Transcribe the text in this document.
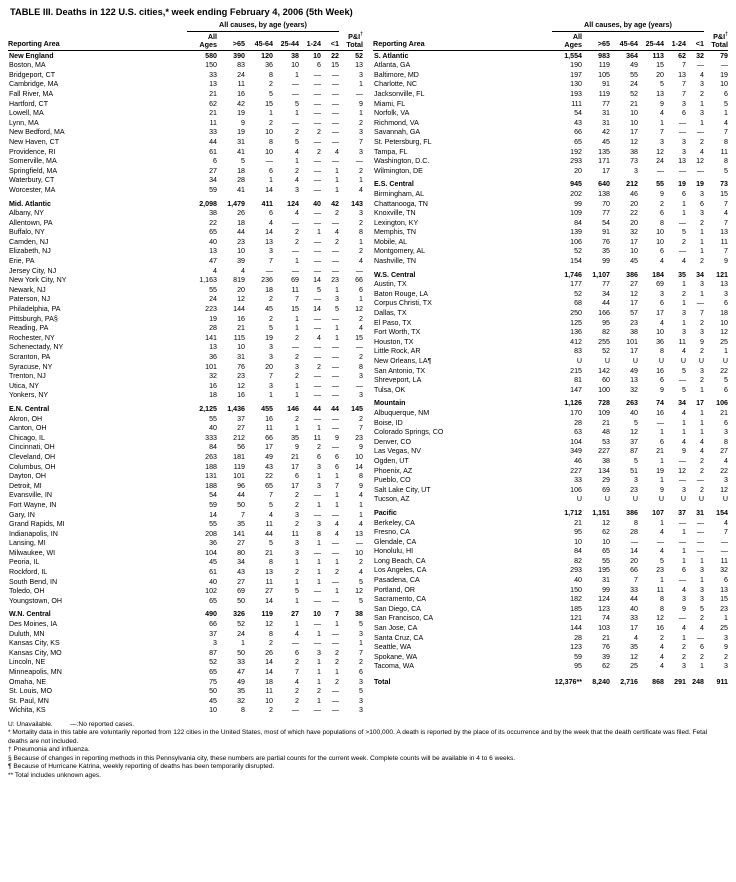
TABLE III. Deaths in 122 U.S. cities,* week ending February 4, 2006 (5th Week)
	All causes, by age (years)						
Reporting Area	All
Ages	>65	45-64	25-44	1-24	<1	P&I†
Total
New England	580	390	120	38	10	22	52
Boston, MA	150	83	36	10	6	15	13
Bridgeport, CT	33	24	8	1	—	—	3
Cambridge, MA	13	11	2	—	—	—	1
Fall River, MA	21	16	5	—	—	—	—
Hartford, CT	62	42	15	5	—	—	9
Lowell, MA	21	19	1	1	—	—	1
Lynn, MA	11	9	2	—	—	—	2
New Bedford, MA	33	19	10	2	2	—	3
New Haven, CT	44	31	8	5	—	—	7
Providence, RI	61	41	10	4	2	4	3
Somerville, MA	6	5	—	1	—	—	—
Springfield, MA	27	18	6	2	—	1	2
Waterbury, CT	34	28	1	4	—	1	1
Worcester, MA	59	41	14	3	—	1	4

Mid. Atlantic	2,098	1,479	411	124	40	42	143
Albany, NY	38	26	6	4	—	2	3
Allentown, PA	22	18	4	—	—	—	2
Buffalo, NY	65	44	14	2	1	4	8
Camden, NJ	40	23	13	2	—	2	1
Elizabeth, NJ	13	10	3	—	—	—	2
Erie, PA	47	39	7	1	—	—	4
Jersey City, NJ	4	4	—	—	—	—	—
New York City, NY	1,163	819	236	69	14	23	66
Newark, NJ	55	20	18	11	5	1	6
Paterson, NJ	24	12	2	7	—	3	1
Philadelphia, PA	223	144	45	15	14	5	12
Pittsburgh, PA§	19	16	2	1	—	—	2
Reading, PA	28	21	5	1	—	1	4
Rochester, NY	141	115	19	2	4	1	15
Schenectady, NY	13	10	3	—	—	—	—
Scranton, PA	36	31	3	2	—	—	2
Syracuse, NY	101	76	20	3	2	—	8
Trenton, NJ	32	23	7	2	—	—	3
Utica, NY	16	12	3	1	—	—	—
Yonkers, NY	18	16	1	1	—	—	3

E.N. Central	2,125	1,436	455	146	44	44	145
Akron, OH	55	37	16	2	—	—	2
Canton, OH	40	27	11	1	1	—	7
Chicago, IL	333	212	66	35	11	9	23
Cincinnati, OH	84	56	17	9	2	—	9
Cleveland, OH	263	181	49	21	6	6	10
Columbus, OH	188	119	43	17	3	6	14
Dayton, OH	131	101	22	6	1	1	8
Detroit, MI	188	96	65	17	3	7	9
Evansville, IN	54	44	7	2	—	1	4
Fort Wayne, IN	59	50	5	2	1	1	1
Gary, IN	14	7	4	3	—	—	1
Grand Rapids, MI	55	35	11	2	3	4	4
Indianapolis, IN	208	141	44	11	8	4	13
Lansing, MI	36	27	5	3	1	—	—
Milwaukee, WI	104	80	21	3	—	—	10
Peoria, IL	45	34	8	1	1	1	2
Rockford, IL	61	43	13	2	1	2	4
South Bend, IN	40	27	11	1	1	—	5
Toledo, OH	102	69	27	5	—	1	12
Youngstown, OH	65	50	14	1	—	—	5

W.N. Central	490	326	119	27	10	7	38
Des Moines, IA	66	52	12	1	—	1	5
Duluth, MN	37	24	8	4	1	—	3
Kansas City, KS	3	1	2	—	—	—	1
Kansas City, MO	87	50	26	6	3	2	7
Lincoln, NE	52	33	14	2	1	2	2
Minneapolis, MN	65	47	14	7	1	1	6
Omaha, NE	75	49	18	4	1	2	3
St. Louis, MO	50	35	11	2	2	—	5
St. Paul, MN	45	32	10	2	1	—	3
Wichita, KS	10	8	2	—	—	—	3
	All causes, by age (years)						
Reporting Area	All
Ages	>65	45-64	25-44	1-24	<1	P&I†
Total
S. Atlantic	1,554	983	364	113	62	32	79
Atlanta, GA	190	119	49	15	7	—	—
Baltimore, MD	197	105	55	20	13	4	19
Charlotte, NC	130	91	24	5	7	3	10
Jacksonville, FL	193	119	52	13	7	2	6
Miami, FL	111	77	21	9	3	1	5
Norfolk, VA	54	31	10	4	6	3	1
Richmond, VA	43	31	10	1	—	1	4
Savannah, GA	66	42	17	7	—	—	7
St. Petersburg, FL	65	45	12	3	3	2	8
Tampa, FL	192	135	38	12	3	4	11
Washington, D.C.	293	171	73	24	13	12	8
Wilmington, DE	20	17	3	—	—	—	5

E.S. Central	945	640	212	55	19	19	73
Birmingham, AL	202	138	46	9	6	3	15
Chattanooga, TN	99	70	20	2	1	6	7
Knoxville, TN	109	77	22	6	1	3	4
Lexington, KY	84	54	20	8	—	2	7
Memphis, TN	139	91	32	10	5	1	13
Mobile, AL	106	76	17	10	2	1	11
Montgomery, AL	52	35	10	6	—	1	7
Nashville, TN	154	99	45	4	4	2	9

W.S. Central	1,746	1,107	386	184	35	34	121
Austin, TX	177	77	27	69	1	3	13
Baton Rouge, LA	52	34	12	3	2	1	3
Corpus Christi, TX	68	44	17	6	1	—	6
Dallas, TX	250	166	57	17	3	7	18
El Paso, TX	125	95	23	4	1	2	10
Fort Worth, TX	136	82	38	10	3	3	12
Houston, TX	412	255	101	36	11	9	25
Little Rock, AR	83	52	17	8	4	2	1
New Orleans, LA¶	U	U	U	U	U	U	U
San Antonio, TX	215	142	49	16	5	3	22
Shreveport, LA	81	60	13	6	—	2	5
Tulsa, OK	147	100	32	9	5	1	6

Mountain	1,126	728	263	74	34	17	106
Albuquerque, NM	170	109	40	16	4	1	21
Boise, ID	28	21	5	—	1	1	6
Colorado Springs, CO	63	48	12	1	1	1	3
Denver, CO	104	53	37	6	4	4	8
Las Vegas, NV	349	227	87	21	9	4	27
Ogden, UT	46	38	5	1	—	2	4
Phoenix, AZ	227	134	51	19	12	2	22
Pueblo, CO	33	29	3	1	—	—	3
Salt Lake City, UT	106	69	23	9	3	2	12
Tucson, AZ	U	U	U	U	U	U	U

Pacific	1,712	1,151	386	107	37	31	154
Berkeley, CA	21	12	8	1	—	—	4
Fresno, CA	95	62	28	4	1	—	7
Glendale, CA	10	10	—	—	—	—	—
Honolulu, HI	84	65	14	4	1	—	—
Long Beach, CA	82	55	20	5	1	1	11
Los Angeles, CA	293	195	66	23	6	3	32
Pasadena, CA	40	31	7	1	—	1	6
Portland, OR	150	99	33	11	4	3	13
Sacramento, CA	182	124	44	8	3	3	15
San Diego, CA	185	123	40	8	9	5	23
San Francisco, CA	121	74	33	12	—	2	1
San Jose, CA	144	103	17	16	4	4	25
Santa Cruz, CA	28	21	4	2	1	—	3
Seattle, WA	123	76	35	4	2	6	9
Spokane, WA	59	39	12	4	2	2	2
Tacoma, WA	95	62	25	4	3	1	3

Total	12,376**	8,240	2,716	868	291	248	911
U: Unavailable.	—:No reported cases.

* Mortality data in this table are voluntarily reported from 122 cities in the United States, most of which have populations of >100,000. A death is reported by the place of its occurrence and by the week that the death certificate was filed. Fetal deaths are not included.

† Pneumonia and influenza.

§ Because of changes in reporting methods in this Pennsylvania city, these numbers are partial counts for the current week. Complete counts will be available in 4 to 6 weeks.

¶ Because of Hurricane Katrina, weekly reporting of deaths has been temporarily disrupted.

** Total includes unknown ages.
